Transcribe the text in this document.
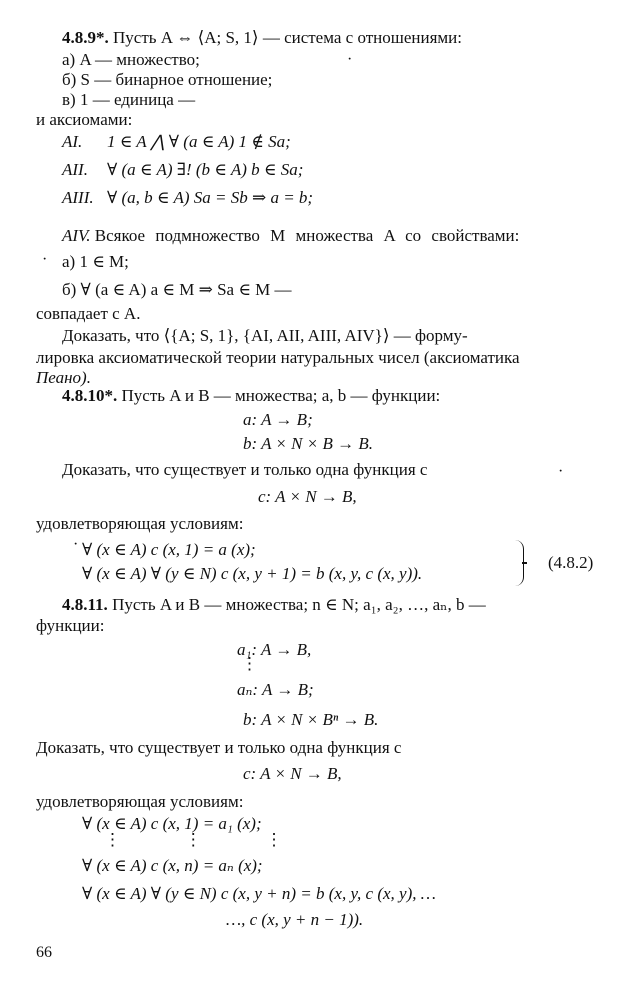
4.8.9*. Пусть A ⇔ ⟨A; S, 1⟩ — система с отношениями:
а) A — множество;
б) S — бинарное отношение;
в) 1 — единица —
и аксиомами:
AI. 1 ∈ A ⋀ ∀ (a ∈ A) 1 ∉ Sa;
AII. ∀ (a ∈ A) ∃! (b ∈ A) b ∈ Sa;
AIII. ∀ (a, b ∈ A) Sa = Sb ⇒ a = b;
AIV. Всякое подмножество M множества A со свойствами:
а) 1 ∈ M;
б) ∀ (a ∈ A) a ∈ M ⇒ Sa ∈ M —
совпадает с A.
Доказать, что ⟨{A; S, 1}, {AI, AII, AIII, AIV}⟩ — форму-
лировка аксиоматической теории натуральных чисел (аксиоматика
Пеано).
4.8.10*. Пусть A и B — множества; a, b — функции:
a: A → B;
b: A × N × B → B.
Доказать, что существует и только одна функция c
c: A × N → B,
удовлетворяющая условиям:
∀ (x ∈ A) c (x, 1) = a (x);
∀ (x ∈ A) ∀ (y ∈ N) c (x, y + 1) = b (x, y, c (x, y)).
(4.8.2)
4.8.11. Пусть A и B — множества; n ∈ N; a₁, a₂, …, aₙ, b —
функции:
a₁: A → B,
⋮
aₙ: A → B;
b: A × N × Bⁿ → B.
Доказать, что существует и только одна функция c
c: A × N → B,
удовлетворяющая условиям:
∀ (x ∈ A) c (x, 1) = a₁ (x);
⋮               ⋮               ⋮
∀ (x ∈ A) c (x, n) = aₙ (x);
∀ (x ∈ A) ∀ (y ∈ N) c (x, y + n) = b (x, y, c (x, y), …
…, c (x, y + n − 1)).
66
·
·
·
·
